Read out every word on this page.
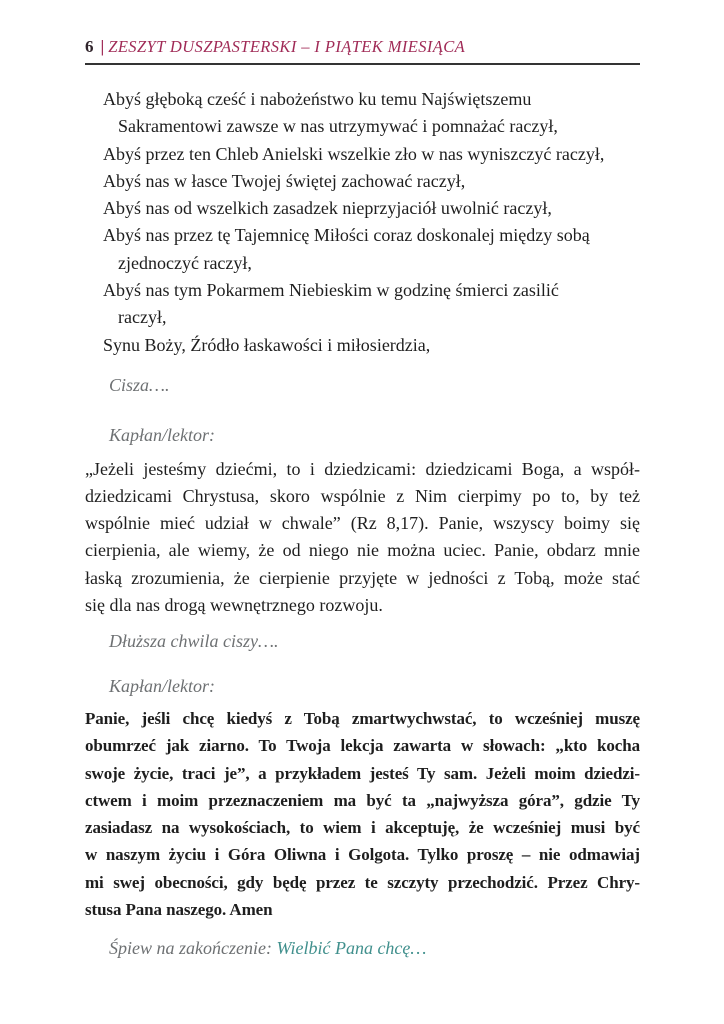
6 | ZESZYT DUSZPASTERSKI – I PIĄTEK MIESIĄCA
Abyś głęboką cześć i nabożeństwo ku temu Najświętszemu
Sakramentowi zawsze w nas utrzymywać i pomnażać raczył,
Abyś przez ten Chleb Anielski wszelkie zło w nas wyniszczyć raczył,
Abyś nas w łasce Twojej świętej zachować raczył,
Abyś nas od wszelkich zasadzek nieprzyjaciół uwolnić raczył,
Abyś nas przez tę Tajemnicę Miłości coraz doskonalej między sobą
zjednoczyć raczył,
Abyś nas tym Pokarmem Niebieskim w godzinę śmierci zasilić
raczył,
Synu Boży, Źródło łaskawości i miłosierdzia,

Cisza….

Kapłan/lektor:

„Jeżeli jesteśmy dziećmi, to i dziedzicami: dziedzicami Boga, a współ-
dziedzicami Chrystusa, skoro wspólnie z Nim cierpimy po to, by też
wspólnie mieć udział w chwale” (Rz 8,17). Panie, wszyscy boimy się
cierpienia, ale wiemy, że od niego nie można uciec. Panie, obdarz mnie
łaską zrozumienia, że cierpienie przyjęte w jedności z Tobą, może stać
się dla nas drogą wewnętrznego rozwoju.

Dłuższa chwila ciszy….

Kapłan/lektor:

Panie, jeśli chcę kiedyś z Tobą zmartwychwstać, to wcześniej muszę
obumrzeć jak ziarno. To Twoja lekcja zawarta w słowach: „kto kocha
swoje życie, traci je”, a przykładem jesteś Ty sam. Jeżeli moim dziedzi-
ctwem i moim przeznaczeniem ma być ta „najwyższa góra”, gdzie Ty
zasiadasz na wysokościach, to wiem i akceptuję, że wcześniej musi być
w naszym życiu i Góra Oliwna i Golgota. Tylko proszę – nie odmawiaj
mi swej obecności, gdy będę przez te szczyty przechodzić. Przez Chry-
stusa Pana naszego. Amen

Śpiew na zakończenie: Wielbić Pana chcę…
